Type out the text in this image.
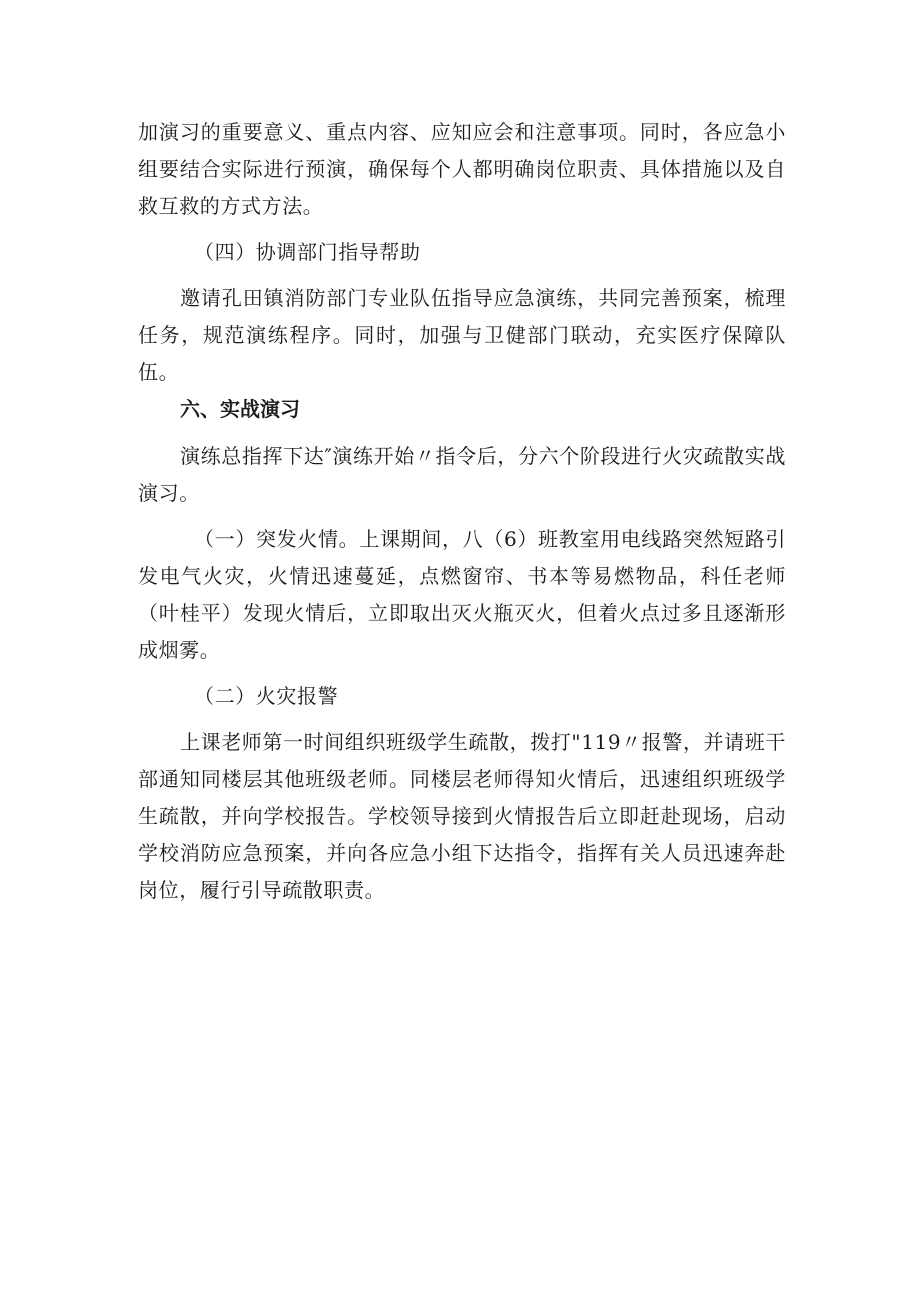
加演习的重要意义、重点内容、应知应会和注意事项。同时，各应急小组要结合实际进行预演，确保每个人都明确岗位职责、具体措施以及自救互救的方式方法。

（四）协调部门指导帮助

邀请孔田镇消防部门专业队伍指导应急演练，共同完善预案，梳理任务，规范演练程序。同时，加强与卫健部门联动，充实医疗保障队伍。

六、实战演习

演练总指挥下达″演练开始〃指令后，分六个阶段进行火灾疏散实战演习。

（一）突发火情。上课期间，八（6）班教室用电线路突然短路引发电气火灾，火情迅速蔓延，点燃窗帘、书本等易燃物品，科任老师（叶桂平）发现火情后，立即取出灭火瓶灭火，但着火点过多且逐渐形成烟雾。

（二）火灾报警

上课老师第一时间组织班级学生疏散，拨打"119〃报警，并请班干部通知同楼层其他班级老师。同楼层老师得知火情后，迅速组织班级学生疏散，并向学校报告。学校领导接到火情报告后立即赶赴现场，启动学校消防应急预案，并向各应急小组下达指令，指挥有关人员迅速奔赴岗位，履行引导疏散职责。
